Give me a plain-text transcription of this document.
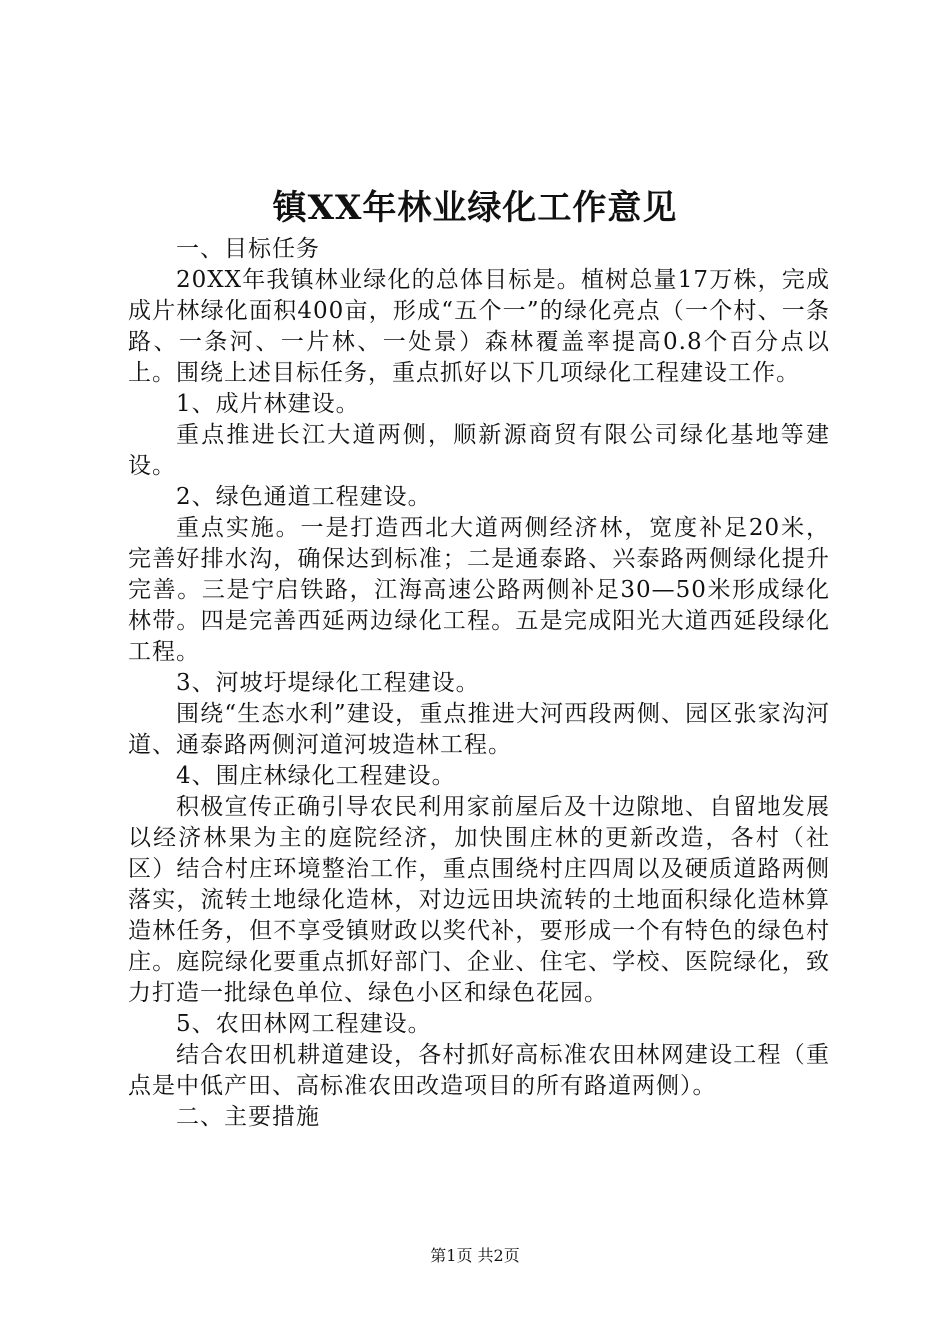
镇XX年林业绿化工作意见

一、目标任务

20XX年我镇林业绿化的总体目标是。植树总量17万株，完成成片林绿化面积400亩，形成“五个一”的绿化亮点（一个村、一条路、一条河、一片林、一处景）森林覆盖率提高0.8个百分点以上。围绕上述目标任务，重点抓好以下几项绿化工程建设工作。

1、成片林建设。

重点推进长江大道两侧，顺新源商贸有限公司绿化基地等建设。

2、绿色通道工程建设。

重点实施。一是打造西北大道两侧经济林，宽度补足20米，完善好排水沟，确保达到标准；二是通泰路、兴泰路两侧绿化提升完善。三是宁启铁路，江海高速公路两侧补足30—50米形成绿化林带。四是完善西延两边绿化工程。五是完成阳光大道西延段绿化工程。

3、河坡圩堤绿化工程建设。

围绕“生态水利”建设，重点推进大河西段两侧、园区张家沟河道、通泰路两侧河道河坡造林工程。

4、围庄林绿化工程建设。

积极宣传正确引导农民利用家前屋后及十边隙地、自留地发展以经济林果为主的庭院经济，加快围庄林的更新改造，各村（社区）结合村庄环境整治工作，重点围绕村庄四周以及硬质道路两侧落实，流转土地绿化造林，对边远田块流转的土地面积绿化造林算造林任务，但不享受镇财政以奖代补，要形成一个有特色的绿色村庄。庭院绿化要重点抓好部门、企业、住宅、学校、医院绿化，致力打造一批绿色单位、绿色小区和绿色花园。

5、农田林网工程建设。

结合农田机耕道建设，各村抓好高标准农田林网建设工程（重点是中低产田、高标准农田改造项目的所有路道两侧）。

二、主要措施

第1页 共2页
